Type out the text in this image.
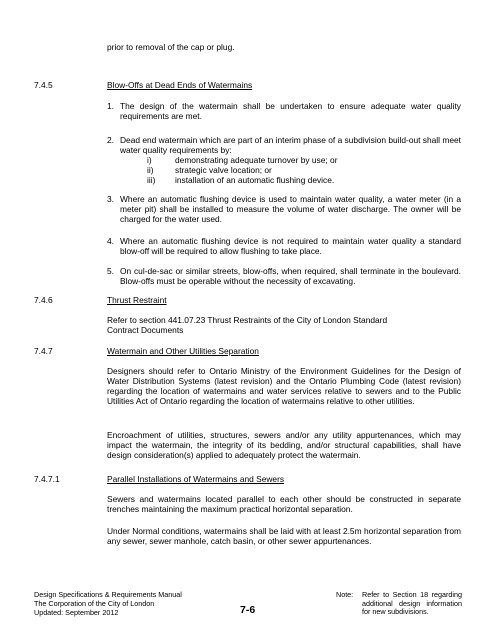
prior to removal of the cap or plug.
7.4.5	Blow-Offs at Dead Ends of Watermains
1. The design of the watermain shall be undertaken to ensure adequate water quality requirements are met.
2. Dead end watermain which are part of an interim phase of a subdivision build-out shall meet water quality requirements by:
i)	demonstrating adequate turnover by use; or
ii)	strategic valve location; or
iii) installation of an automatic flushing device.
3. Where an automatic flushing device is used to maintain water quality, a water meter (in a meter pit) shall be installed to measure the volume of water discharge. The owner will be charged for the water used.
4. Where an automatic flushing device is not required to maintain water quality a standard blow-off will be required to allow flushing to take place.
5. On cul-de-sac or similar streets, blow-offs, when required, shall terminate in the boulevard. Blow-offs must be operable without the necessity of excavating.
7.4.6	Thrust Restraint
Refer to section 441.07.23 Thrust Restraints of the City of London Standard
Contract Documents
7.4.7	Watermain and Other Utilities Separation
Designers should refer to Ontario Ministry of the Environment Guidelines for the Design of Water Distribution Systems (latest revision) and the Ontario Plumbing Code (latest revision) regarding the location of watermains and water services relative to sewers and to the Public Utilities Act of Ontario regarding the location of watermains relative to other utilities.
Encroachment of utilities, structures, sewers and/or any utility appurtenances, which may impact the watermain, the integrity of its bedding, and/or structural capabilities, shall have design consideration(s) applied to adequately protect the watermain.
7.4.7.1	Parallel Installations of Watermains and Sewers
Sewers and watermains located parallel to each other should be constructed in separate trenches maintaining the maximum practical horizontal separation.
Under Normal conditions, watermains shall be laid with at least 2.5m horizontal separation from any sewer, sewer manhole, catch basin, or other sewer appurtenances.
Design Specifications & Requirements Manual
The Corporation of the City of London
Updated: September 2012	7-6
Note: Refer to Section 18 regarding additional design information for new subdivisions.
